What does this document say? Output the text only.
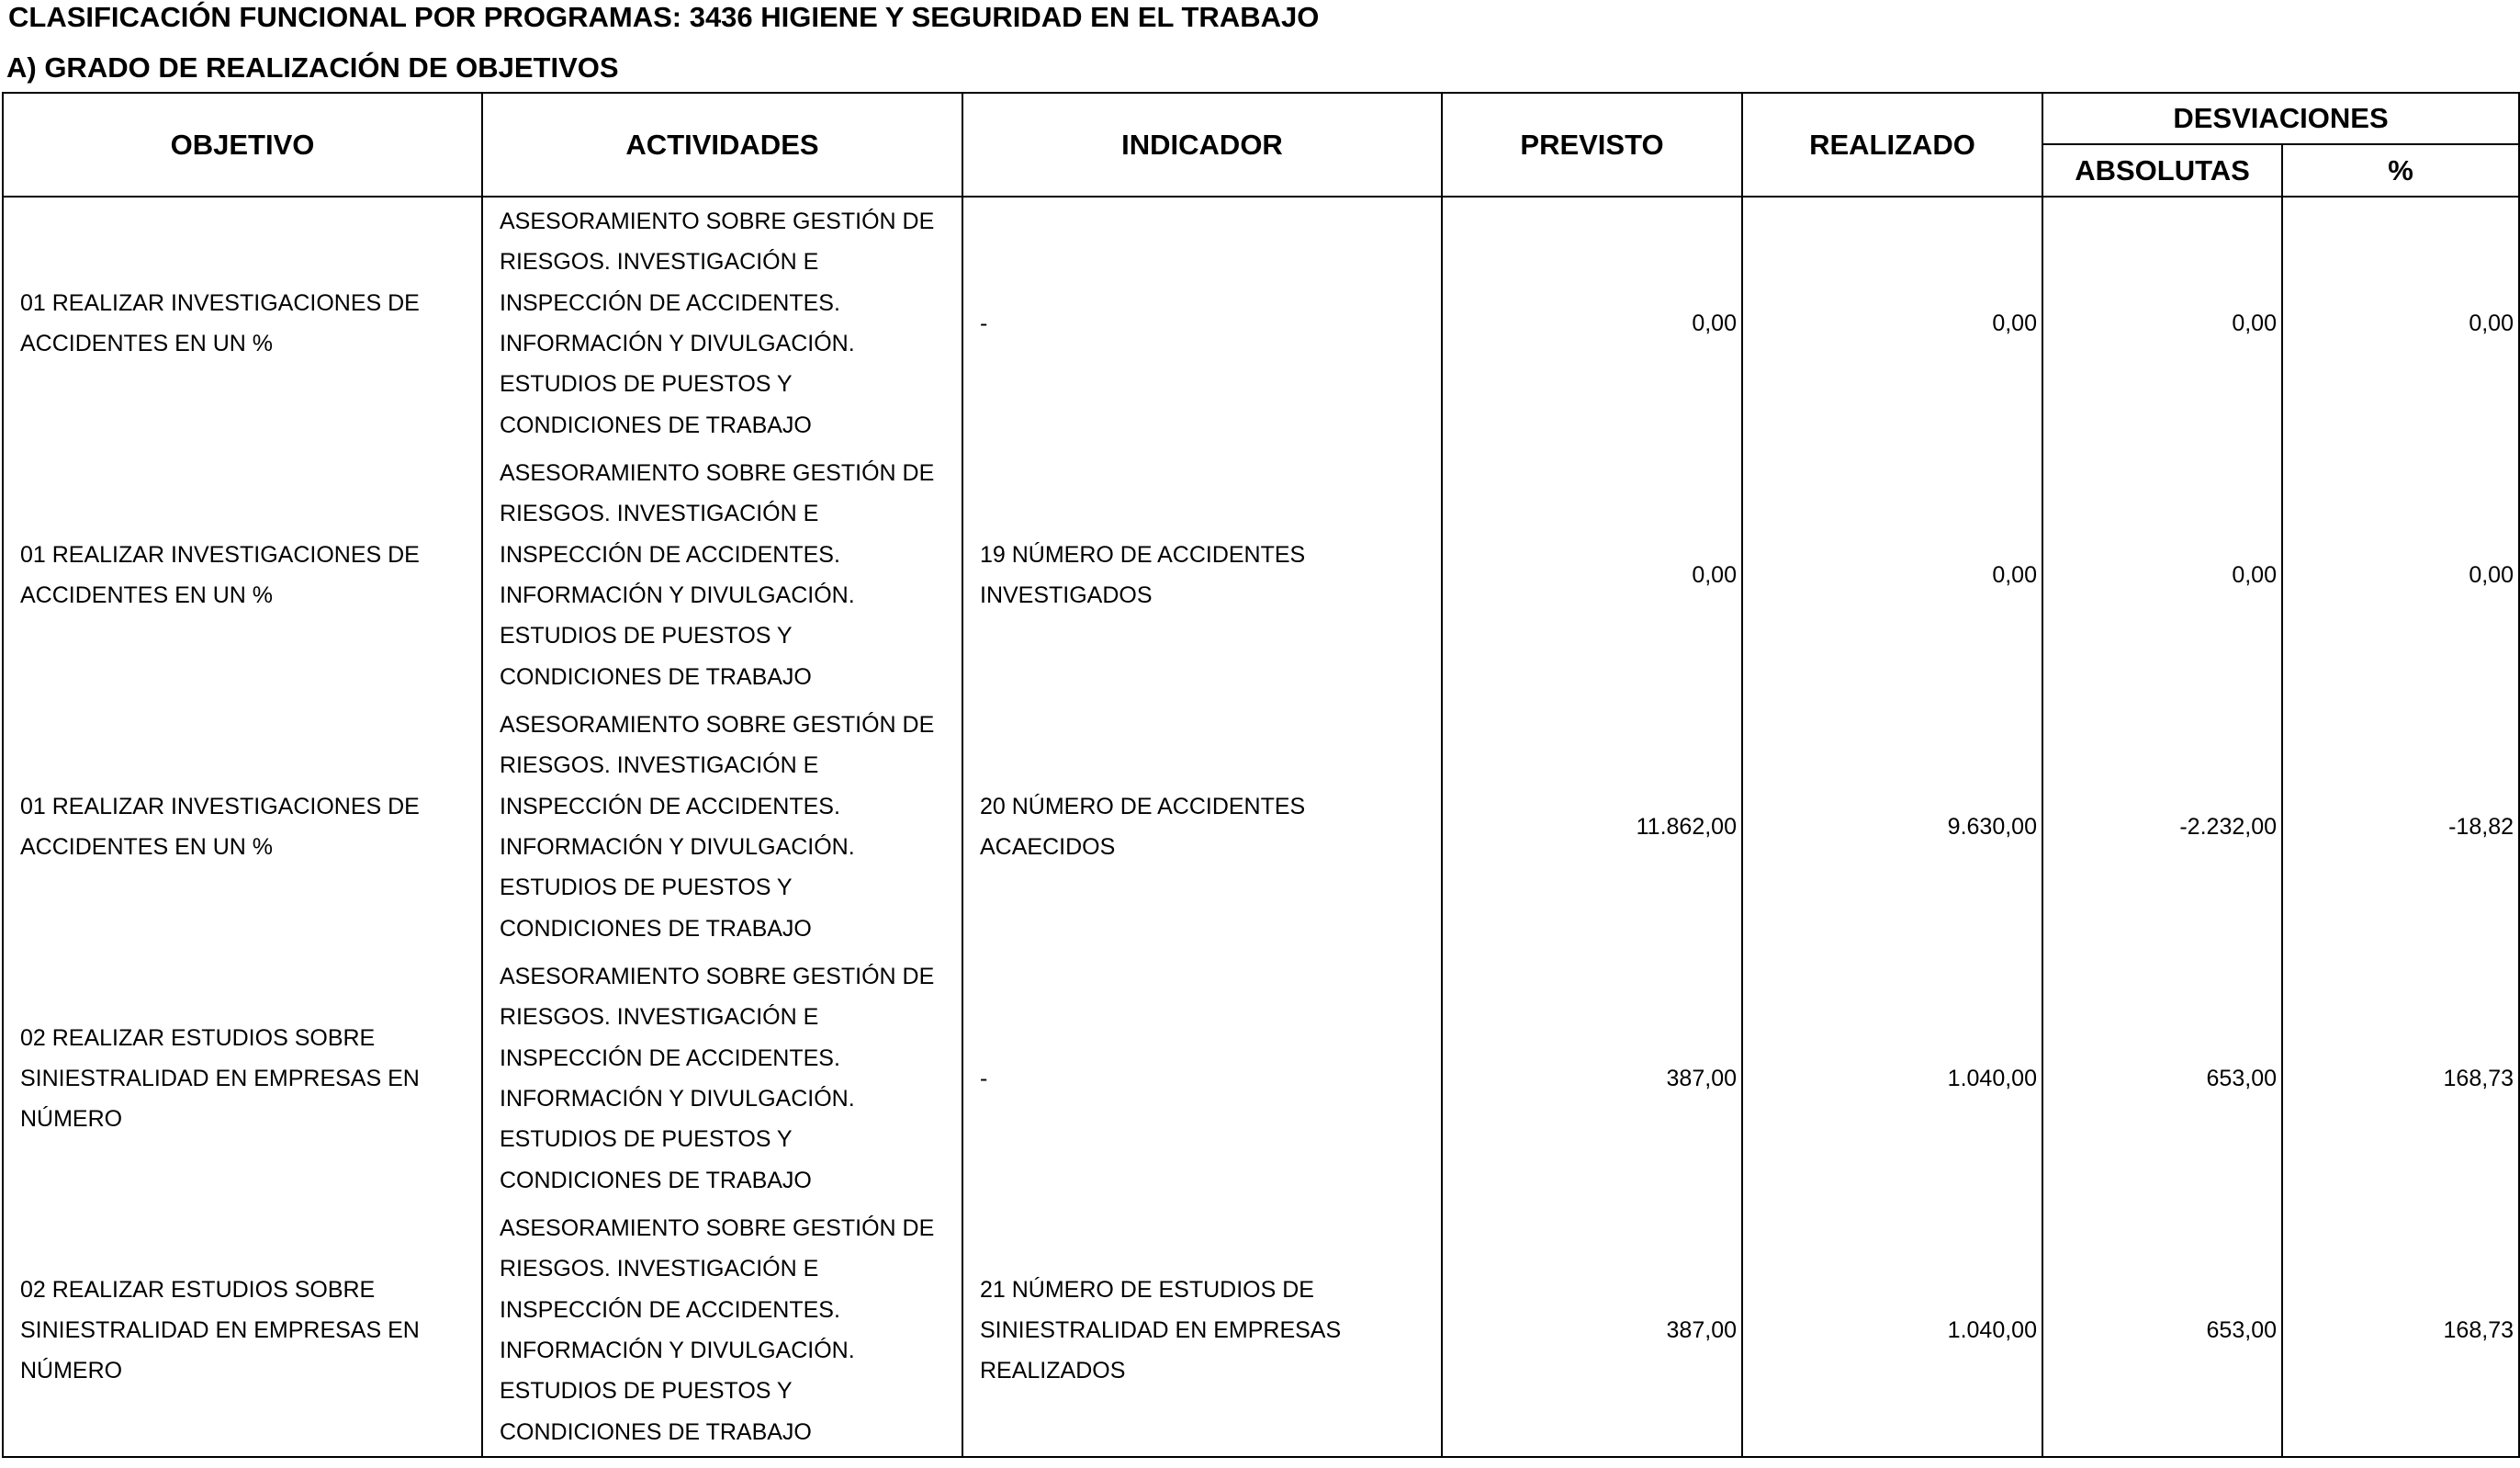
CLASIFICACIÓN FUNCIONAL POR PROGRAMAS: 3436 HIGIENE Y SEGURIDAD EN EL TRABAJO
A) GRADO DE REALIZACIÓN DE OBJETIVOS
OBJETIVO	ACTIVIDADES	INDICADOR	PREVISTO	REALIZADO	DESVIACIONES	
					ABSOLUTAS	%
01 REALIZAR INVESTIGACIONES DE ACCIDENTES EN UN %	ASESORAMIENTO SOBRE GESTIÓN DE RIESGOS. INVESTIGACIÓN E INSPECCIÓN DE ACCIDENTES. INFORMACIÓN Y DIVULGACIÓN. ESTUDIOS DE PUESTOS Y CONDICIONES DE TRABAJO	-	0,00	0,00	0,00	0,00
01 REALIZAR INVESTIGACIONES DE ACCIDENTES EN UN %	ASESORAMIENTO SOBRE GESTIÓN DE RIESGOS. INVESTIGACIÓN E INSPECCIÓN DE ACCIDENTES. INFORMACIÓN Y DIVULGACIÓN. ESTUDIOS DE PUESTOS Y CONDICIONES DE TRABAJO	19 NÚMERO DE ACCIDENTES INVESTIGADOS	0,00	0,00	0,00	0,00
01 REALIZAR INVESTIGACIONES DE ACCIDENTES EN UN %	ASESORAMIENTO SOBRE GESTIÓN DE RIESGOS. INVESTIGACIÓN E INSPECCIÓN DE ACCIDENTES. INFORMACIÓN Y DIVULGACIÓN. ESTUDIOS DE PUESTOS Y CONDICIONES DE TRABAJO	20 NÚMERO DE ACCIDENTES ACAECIDOS	11.862,00	9.630,00	-2.232,00	-18,82
02 REALIZAR ESTUDIOS SOBRE SINIESTRALIDAD EN EMPRESAS EN NÚMERO	ASESORAMIENTO SOBRE GESTIÓN DE RIESGOS. INVESTIGACIÓN E INSPECCIÓN DE ACCIDENTES. INFORMACIÓN Y DIVULGACIÓN. ESTUDIOS DE PUESTOS Y CONDICIONES DE TRABAJO	-	387,00	1.040,00	653,00	168,73
02 REALIZAR ESTUDIOS SOBRE SINIESTRALIDAD EN EMPRESAS EN NÚMERO	ASESORAMIENTO SOBRE GESTIÓN DE RIESGOS. INVESTIGACIÓN E INSPECCIÓN DE ACCIDENTES. INFORMACIÓN Y DIVULGACIÓN. ESTUDIOS DE PUESTOS Y CONDICIONES DE TRABAJO	21 NÚMERO DE ESTUDIOS DE SINIESTRALIDAD EN EMPRESAS REALIZADOS	387,00	1.040,00	653,00	168,73
